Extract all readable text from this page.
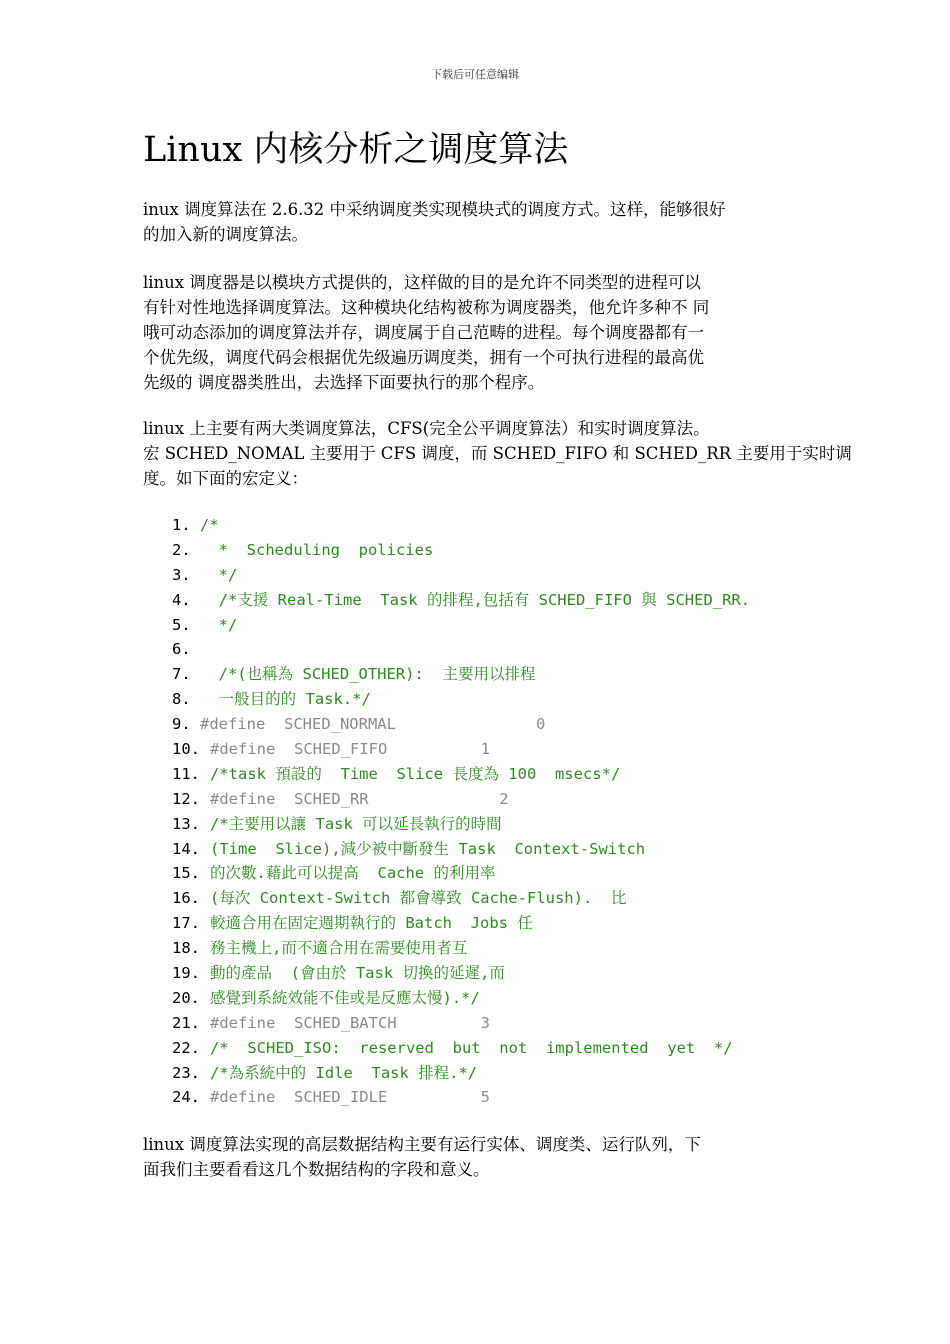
下载后可任意编辑
Linux 内核分析之调度算法
inux 调度算法在 2.6.32 中采纳调度类实现模块式的调度方式。这样，能够很好
的加入新的调度算法。
linux 调度器是以模块方式提供的，这样做的目的是允许不同类型的进程可以
有针对性地选择调度算法。这种模块化结构被称为调度器类，他允许多种不 同
哦可动态添加的调度算法并存，调度属于自己范畴的进程。每个调度器都有一
个优先级，调度代码会根据优先级遍历调度类，拥有一个可执行进程的最高优
先级的 调度器类胜出，去选择下面要执行的那个程序。
linux 上主要有两大类调度算法，CFS(完全公平调度算法）和实时调度算法。
宏 SCHED_NOMAL 主要用于 CFS 调度，而 SCHED_FIFO 和 SCHED_RR 主要用于实时调
度。如下面的宏定义：
1. /*
2.  *  Scheduling  policies
3.  */
4.  /*支援 Real-Time  Task 的排程,包括有 SCHED_FIFO 與 SCHED_RR.
5.  */
6.
7.  /*(也稱為 SCHED_OTHER):  主要用以排程
8.  一般目的的 Task.*/
9. #define  SCHED_NORMAL               0
10. #define  SCHED_FIFO          1
11. /*task 預設的  Time  Slice 長度為 100  msecs*/
12. #define  SCHED_RR              2
13. /*主要用以讓 Task 可以延長執行的時間
14. (Time  Slice),減少被中斷發生 Task  Context-Switch
15. 的次數.藉此可以提高  Cache 的利用率
16. (每次 Context-Switch 都會導致 Cache-Flush).  比
17. 較適合用在固定週期執行的 Batch  Jobs 任
18. 務主機上,而不適合用在需要使用者互
19. 動的產品  (會由於 Task 切換的延遲,而
20. 感覺到系統效能不佳或是反應太慢).*/
21. #define  SCHED_BATCH         3
22. /*  SCHED_ISO:  reserved  but  not  implemented  yet  */
23. /*為系統中的 Idle  Task 排程.*/
24. #define  SCHED_IDLE          5
linux 调度算法实现的高层数据结构主要有运行实体、调度类、运行队列，下
面我们主要看看这几个数据结构的字段和意义。
